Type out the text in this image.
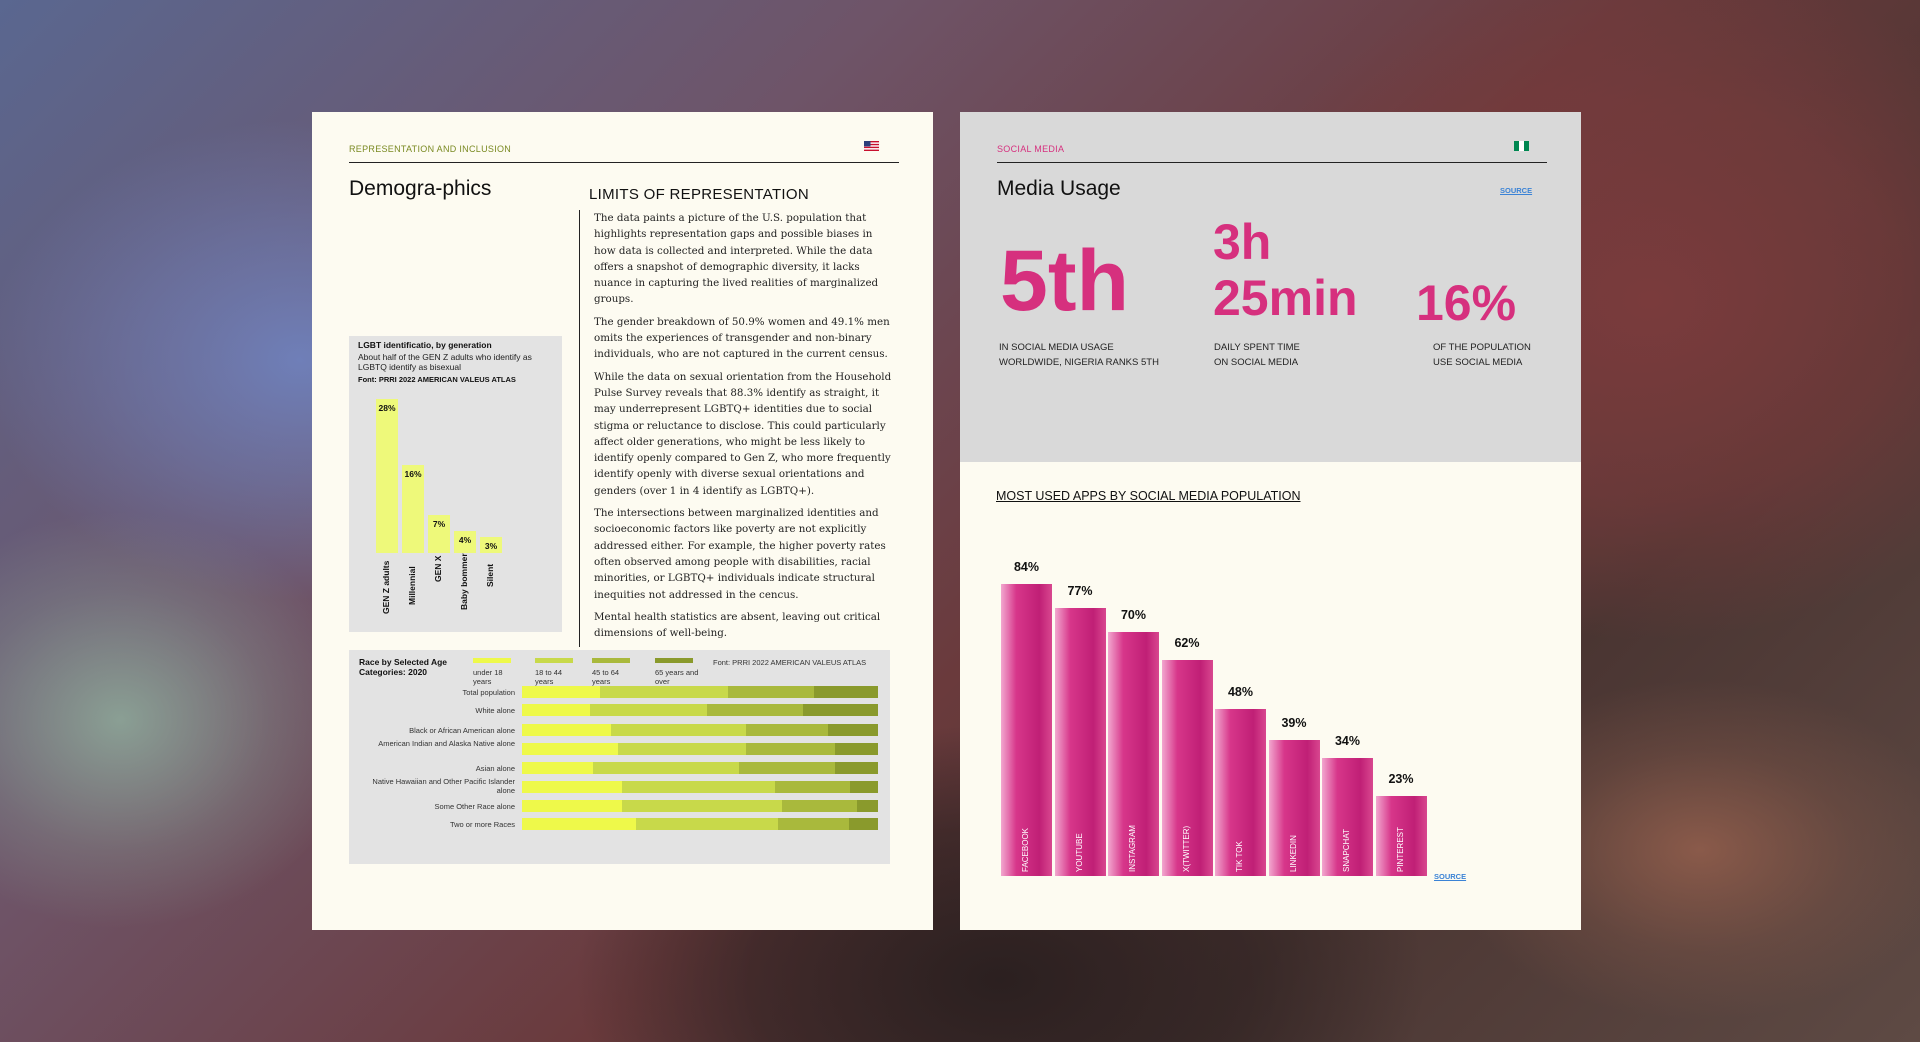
REPRESENTATION AND INCLUSION
Demogra-phics	LIMITS OF REPRESENTATION

The data paints a picture of the U.S. population that highlights representation gaps and possible biases in how data is collected and interpreted. While the data offers a snapshot of demographic diversity, it lacks nuance in capturing the lived realities of marginalized groups.

The gender breakdown of 50.9% women and 49.1% men omits the experiences of transgender and non-binary individuals, who are not captured in the current census.

While the data on sexual orientation from the Household Pulse Survey reveals that 88.3% identify as straight, it may underrepresent LGBTQ+ identities due to social stigma or reluctance to disclose. This could particularly affect older generations, who might be less likely to identify openly compared to Gen Z, who more frequently identify openly with diverse sexual orientations and genders (over 1 in 4 identify as LGBTQ+).

The intersections between marginalized identities and socioeconomic factors like poverty are not explicitly addressed either. For example, the higher poverty rates often observed among people with disabilities, racial minorities, or LGBTQ+ individuals indicate structural inequities not addressed in the cencus.

Mental health statistics are absent, leaving out critical dimensions of well-being.

LGBT identificatio, by generation
About half of the GEN Z adults who identify as LGBTQ identify as bisexual
Font: PRRI 2022 AMERICAN VALEUS ATLAS
28%
GEN Z adults
16%
Millennial
7%
GEN X
4%
Baby bommer
3%
Silent
Race by Selected Age Categories: 2020	under 18 years
18 to 44 years
45 to 64 years
65 years and over
Font: PRRI 2022 AMERICAN VALEUS ATLAS
Total population
White alone
Black or African American alone
American Indian and Alaska Native alone
Asian alone
Native Hawaiian and Other Pacific Islander alone
Some Other Race alone
Two or more Races
SOCIAL MEDIA
Media Usage	SOURCE
5th
IN SOCIAL MEDIA USAGE
WORLDWIDE, NIGERIA RANKS 5TH
3h
25min
DAILY SPENT TIME
ON SOCIAL MEDIA
16%
OF THE POPULATION
USE SOCIAL MEDIA
MOST USED APPS BY SOCIAL MEDIA POPULATION
84%
FACEBOOK
77%
YOUTUBE
70%
INSTAGRAM
62%
X(TWITTER)
48%
TIK TOK
39%
LINKEDIN
34%
SNAPCHAT
23%
PINTEREST
SOURCE
